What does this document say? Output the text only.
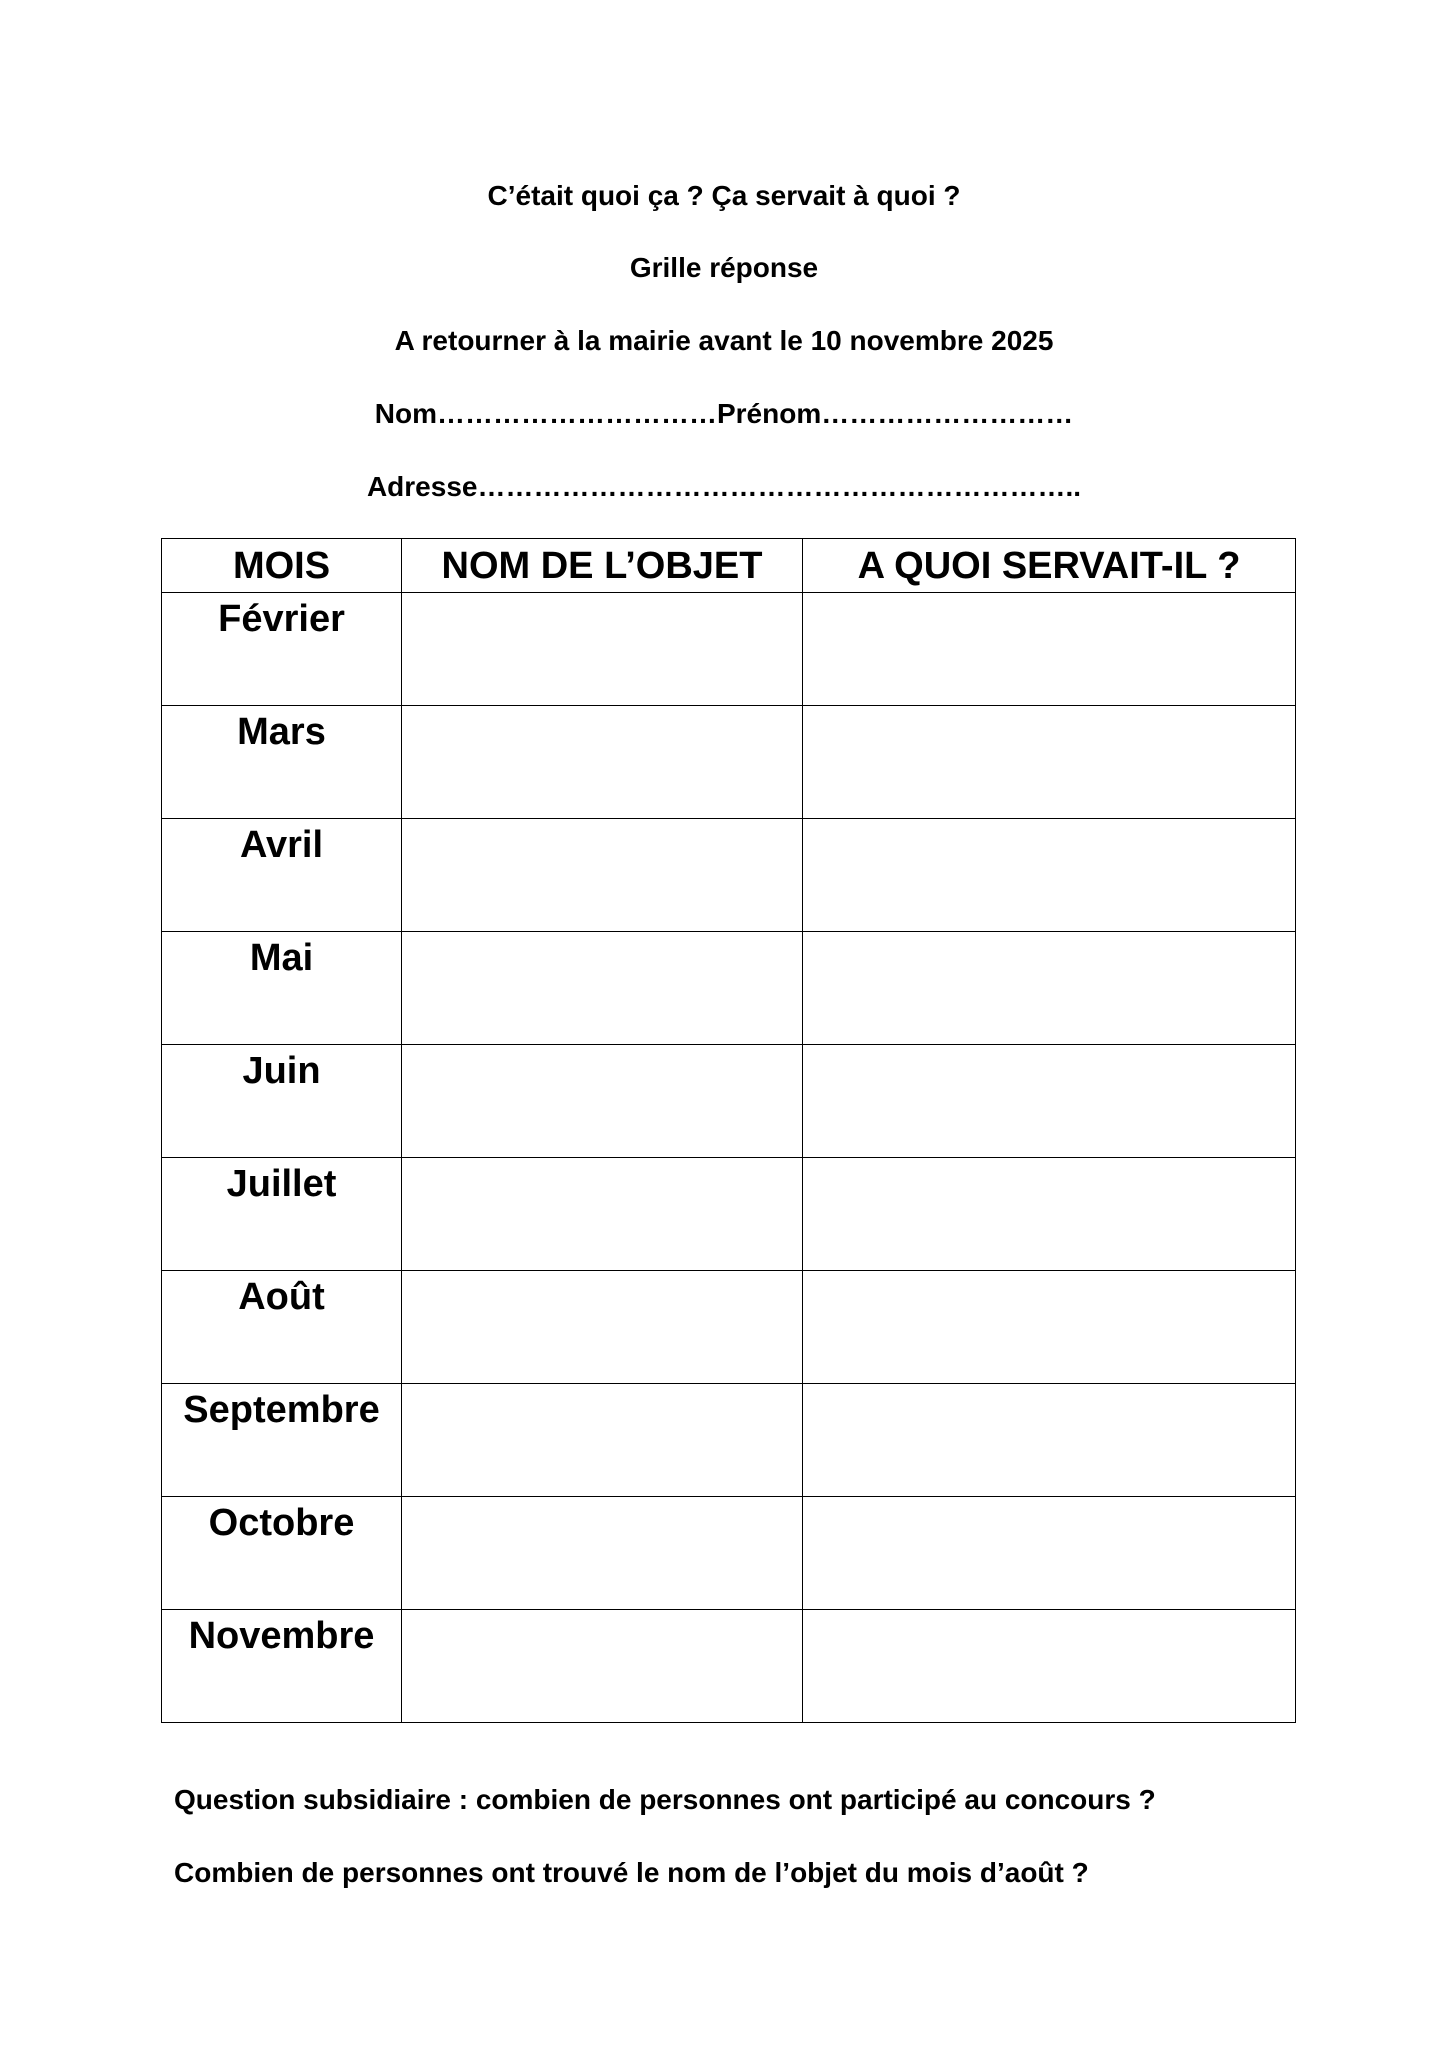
C’était quoi ça ? Ça servait à quoi ?

Grille réponse

A retourner à la mairie avant le 10 novembre 2025

Nom…………………………Prénom………………………

Adresse………………………………………………………..

MOIS	NOM DE L’OBJET	A QUOI SERVAIT-IL ?
Février		
Mars		
Avril		
Mai		
Juin		
Juillet		
Août		
Septembre		
Octobre		
Novembre		

Question subsidiaire : combien de personnes ont participé au concours ?

Combien de personnes ont trouvé le nom de l’objet du mois d’août ?
